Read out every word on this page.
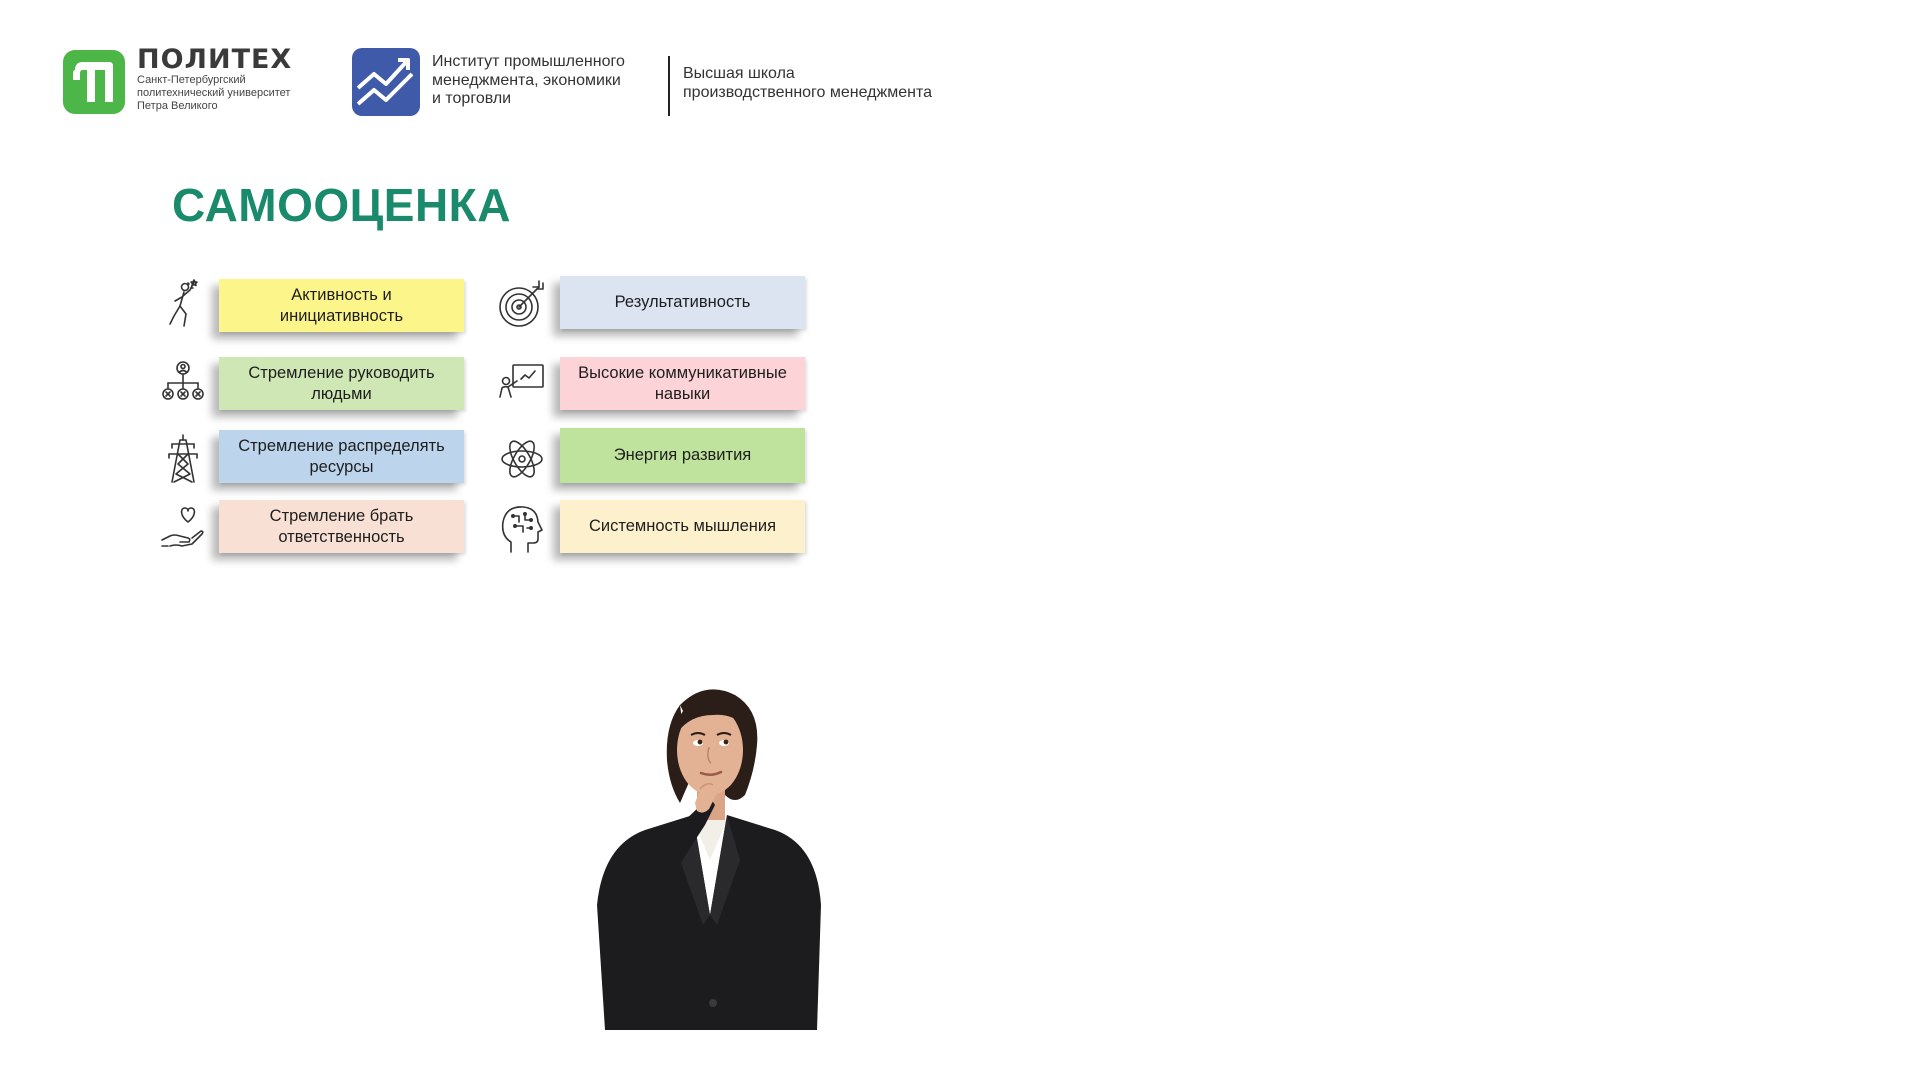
ПОЛИТЕХ
Санкт-Петербургский
политехнический университет
Петра Великого
Институт промышленного
менеджмента, экономики
и торговли
Высшая школа
производственного менеджмента
САМООЦЕНКА
Активность и
инициативность
Стремление руководить
людьми
Стремление распределять
ресурсы
Стремление брать
ответственность
Результативность
Высокие коммуникативные
навыки
Энергия развития
Системность мышления
